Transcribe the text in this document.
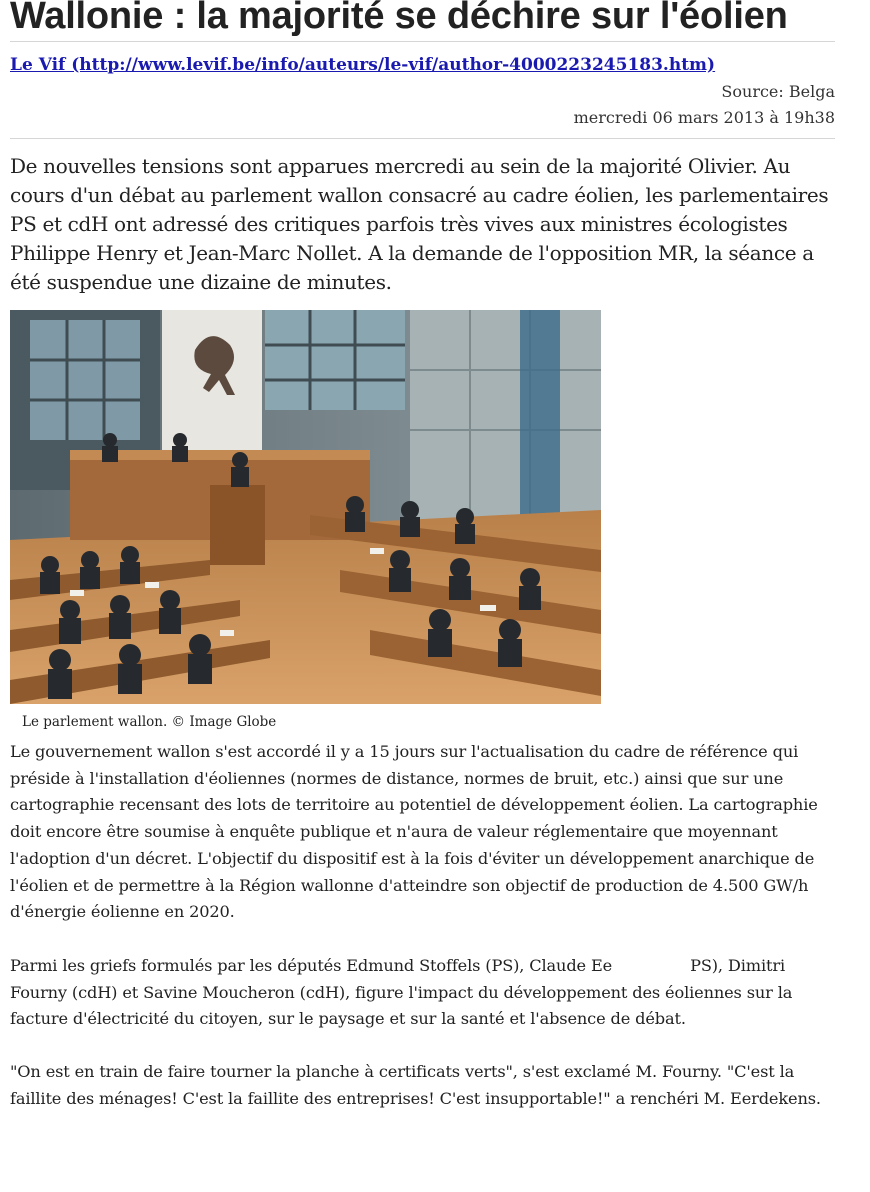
Wallonie : la majorité se déchire sur l'éolien
Le Vif (http://www.levif.be/info/auteurs/le-vif/author-4000223245183.htm)
Source: Belga
mercredi 06 mars 2013 à 19h38
De nouvelles tensions sont apparues mercredi au sein de la majorité Olivier. Au cours d'un débat au parlement wallon consacré au cadre éolien, les parlementaires PS et cdH ont adressé des critiques parfois très vives aux ministres écologistes Philippe Henry et Jean-Marc Nollet. A la demande de l'opposition MR, la séance a été suspendue une dizaine de minutes.
Le parlement wallon. © Image Globe

Le gouvernement wallon s'est accordé il y a 15 jours sur l'actualisation du cadre de référence qui préside à l'installation d'éoliennes (normes de distance, normes de bruit, etc.) ainsi que sur une cartographie recensant des lots de territoire au potentiel de développement éolien. La cartographie doit encore être soumise à enquête publique et n'aura de valeur réglementaire que moyennant l'adoption d'un décret. L'objectif du dispositif est à la fois d'éviter un développement anarchique de l'éolien et de permettre à la Région wallonne d'atteindre son objectif de production de 4.500 GW/h d'énergie éolienne en 2020.

Parmi les griefs formulés par les députés Edmund Stoffels (PS), Claude Ee	PS), Dimitri Fourny (cdH) et Savine Moucheron (cdH), figure l'impact du développement des éoliennes sur la facture d'électricité du citoyen, sur le paysage et sur la santé et l'absence de débat.

"On est en train de faire tourner la planche à certificats verts", s'est exclamé M. Fourny. "C'est la faillite des ménages! C'est la faillite des entreprises! C'est insupportable!" a renchéri M. Eerdekens.
